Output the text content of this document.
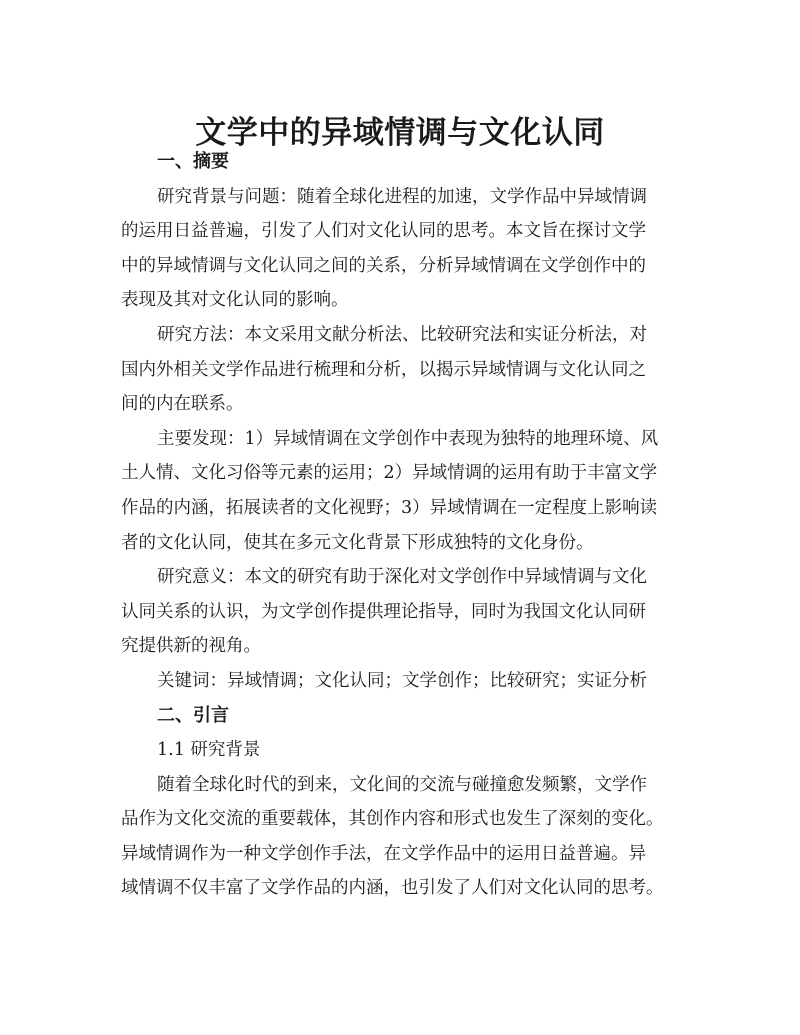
文学中的异域情调与文化认同
一、摘要

研究背景与问题：随着全球化进程的加速，文学作品中异域情调
的运用日益普遍，引发了人们对文化认同的思考。本文旨在探讨文学
中的异域情调与文化认同之间的关系，分析异域情调在文学创作中的
表现及其对文化认同的影响。

研究方法：本文采用文献分析法、比较研究法和实证分析法，对
国内外相关文学作品进行梳理和分析，以揭示异域情调与文化认同之
间的内在联系。

主要发现：1）异域情调在文学创作中表现为独特的地理环境、风
土人情、文化习俗等元素的运用；2）异域情调的运用有助于丰富文学
作品的内涵，拓展读者的文化视野；3）异域情调在一定程度上影响读
者的文化认同，使其在多元文化背景下形成独特的文化身份。

研究意义：本文的研究有助于深化对文学创作中异域情调与文化
认同关系的认识，为文学创作提供理论指导，同时为我国文化认同研
究提供新的视角。

关键词：异域情调；文化认同；文学创作；比较研究；实证分析

二、引言

1.1 研究背景

随着全球化时代的到来，文化间的交流与碰撞愈发频繁，文学作
品作为文化交流的重要载体，其创作内容和形式也发生了深刻的变化。
异域情调作为一种文学创作手法，在文学作品中的运用日益普遍。异
域情调不仅丰富了文学作品的内涵，也引发了人们对文化认同的思考。
